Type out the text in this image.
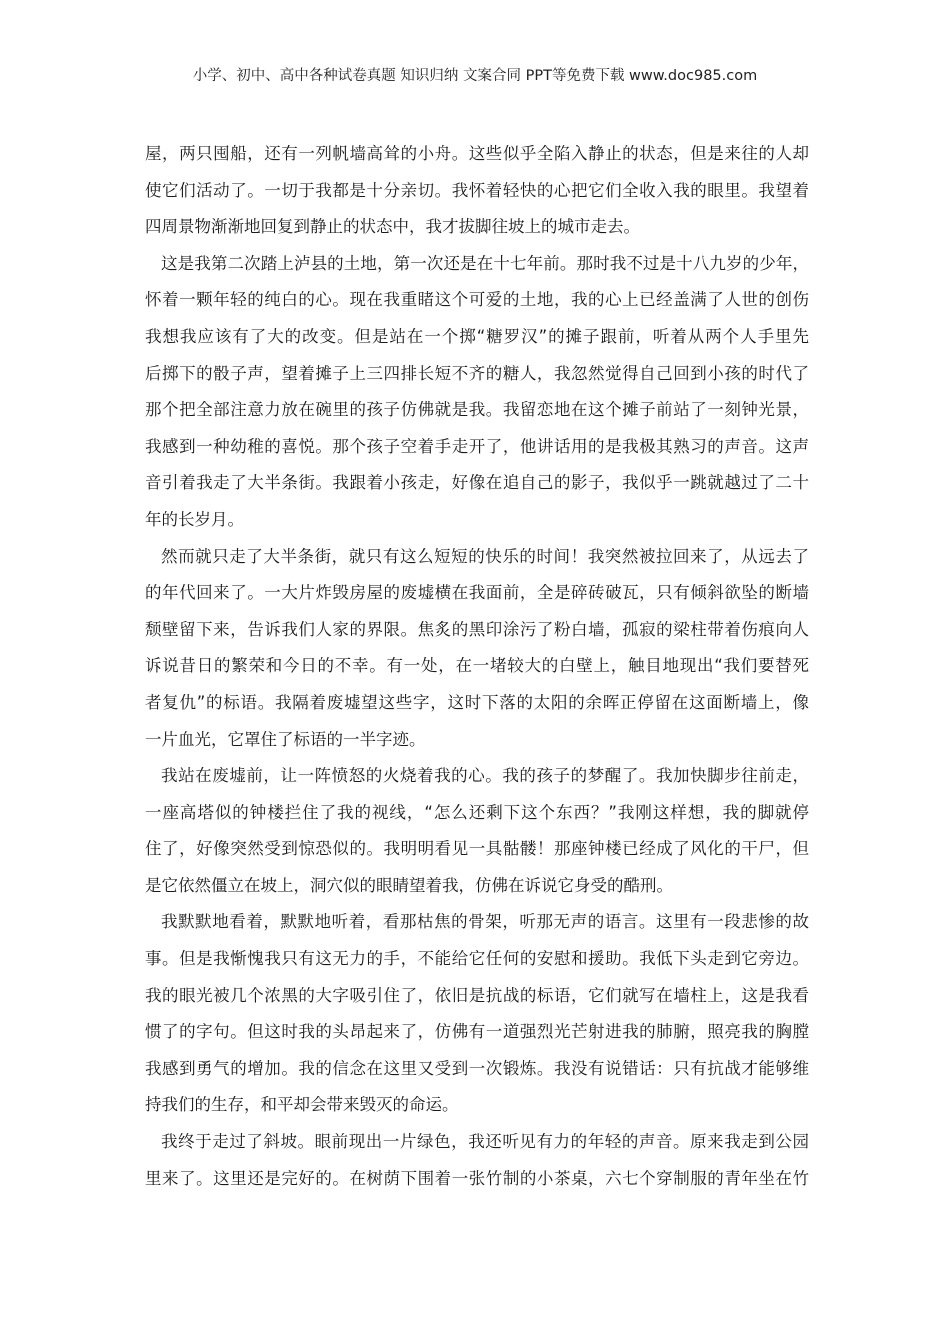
小学、初中、高中各种试卷真题 知识归纳 文案合同 PPT等免费下载 www.doc985.com
屋，两只囤船，还有一列帆墙高耸的小舟。这些似乎全陷入静止的状态，但是来往的人却
使它们活动了。一切于我都是十分亲切。我怀着轻快的心把它们全收入我的眼里。我望着
四周景物渐渐地回复到静止的状态中，我才拔脚往坡上的城市走去。
这是我第二次踏上泸县的土地，第一次还是在十七年前。那时我不过是十八九岁的少年，
怀着一颗年轻的纯白的心。现在我重睹这个可爱的土地，我的心上已经盖满了人世的创伤
我想我应该有了大的改变。但是站在一个掷“糖罗汉”的摊子跟前，听着从两个人手里先
后掷下的骰子声，望着摊子上三四排长短不齐的糖人，我忽然觉得自己回到小孩的时代了
那个把全部注意力放在碗里的孩子仿佛就是我。我留恋地在这个摊子前站了一刻钟光景，
我感到一种幼稚的喜悦。那个孩子空着手走开了，他讲话用的是我极其熟习的声音。这声
音引着我走了大半条街。我跟着小孩走，好像在追自己的影子，我似乎一跳就越过了二十
年的长岁月。
然而就只走了大半条街，就只有这么短短的快乐的时间！我突然被拉回来了，从远去了
的年代回来了。一大片炸毁房屋的废墟横在我面前，全是碎砖破瓦，只有倾斜欲坠的断墙
颓壁留下来，告诉我们人家的界限。焦炙的黑印涂污了粉白墙，孤寂的梁柱带着伤痕向人
诉说昔日的繁荣和今日的不幸。有一处，在一堵较大的白壁上，触目地现出“我们要替死
者复仇”的标语。我隔着废墟望这些字，这时下落的太阳的余晖正停留在这面断墙上，像
一片血光，它罩住了标语的一半字迹。
我站在废墟前，让一阵愤怒的火烧着我的心。我的孩子的梦醒了。我加快脚步往前走，
一座高塔似的钟楼拦住了我的视线，“怎么还剩下这个东西？”我刚这样想，我的脚就停
住了，好像突然受到惊恐似的。我明明看见一具骷髅！那座钟楼已经成了风化的干尸，但
是它依然僵立在坡上，洞穴似的眼睛望着我，仿佛在诉说它身受的酷刑。
我默默地看着，默默地听着，看那枯焦的骨架，听那无声的语言。这里有一段悲惨的故
事。但是我惭愧我只有这无力的手，不能给它任何的安慰和援助。我低下头走到它旁边。
我的眼光被几个浓黑的大字吸引住了，依旧是抗战的标语，它们就写在墙柱上，这是我看
惯了的字句。但这时我的头昂起来了，仿佛有一道强烈光芒射进我的肺腑，照亮我的胸膛
我感到勇气的增加。我的信念在这里又受到一次锻炼。我没有说错话：只有抗战才能够维
持我们的生存，和平却会带来毁灭的命运。
我终于走过了斜坡。眼前现出一片绿色，我还听见有力的年轻的声音。原来我走到公园
里来了。这里还是完好的。在树荫下围着一张竹制的小茶桌，六七个穿制服的青年坐在竹
